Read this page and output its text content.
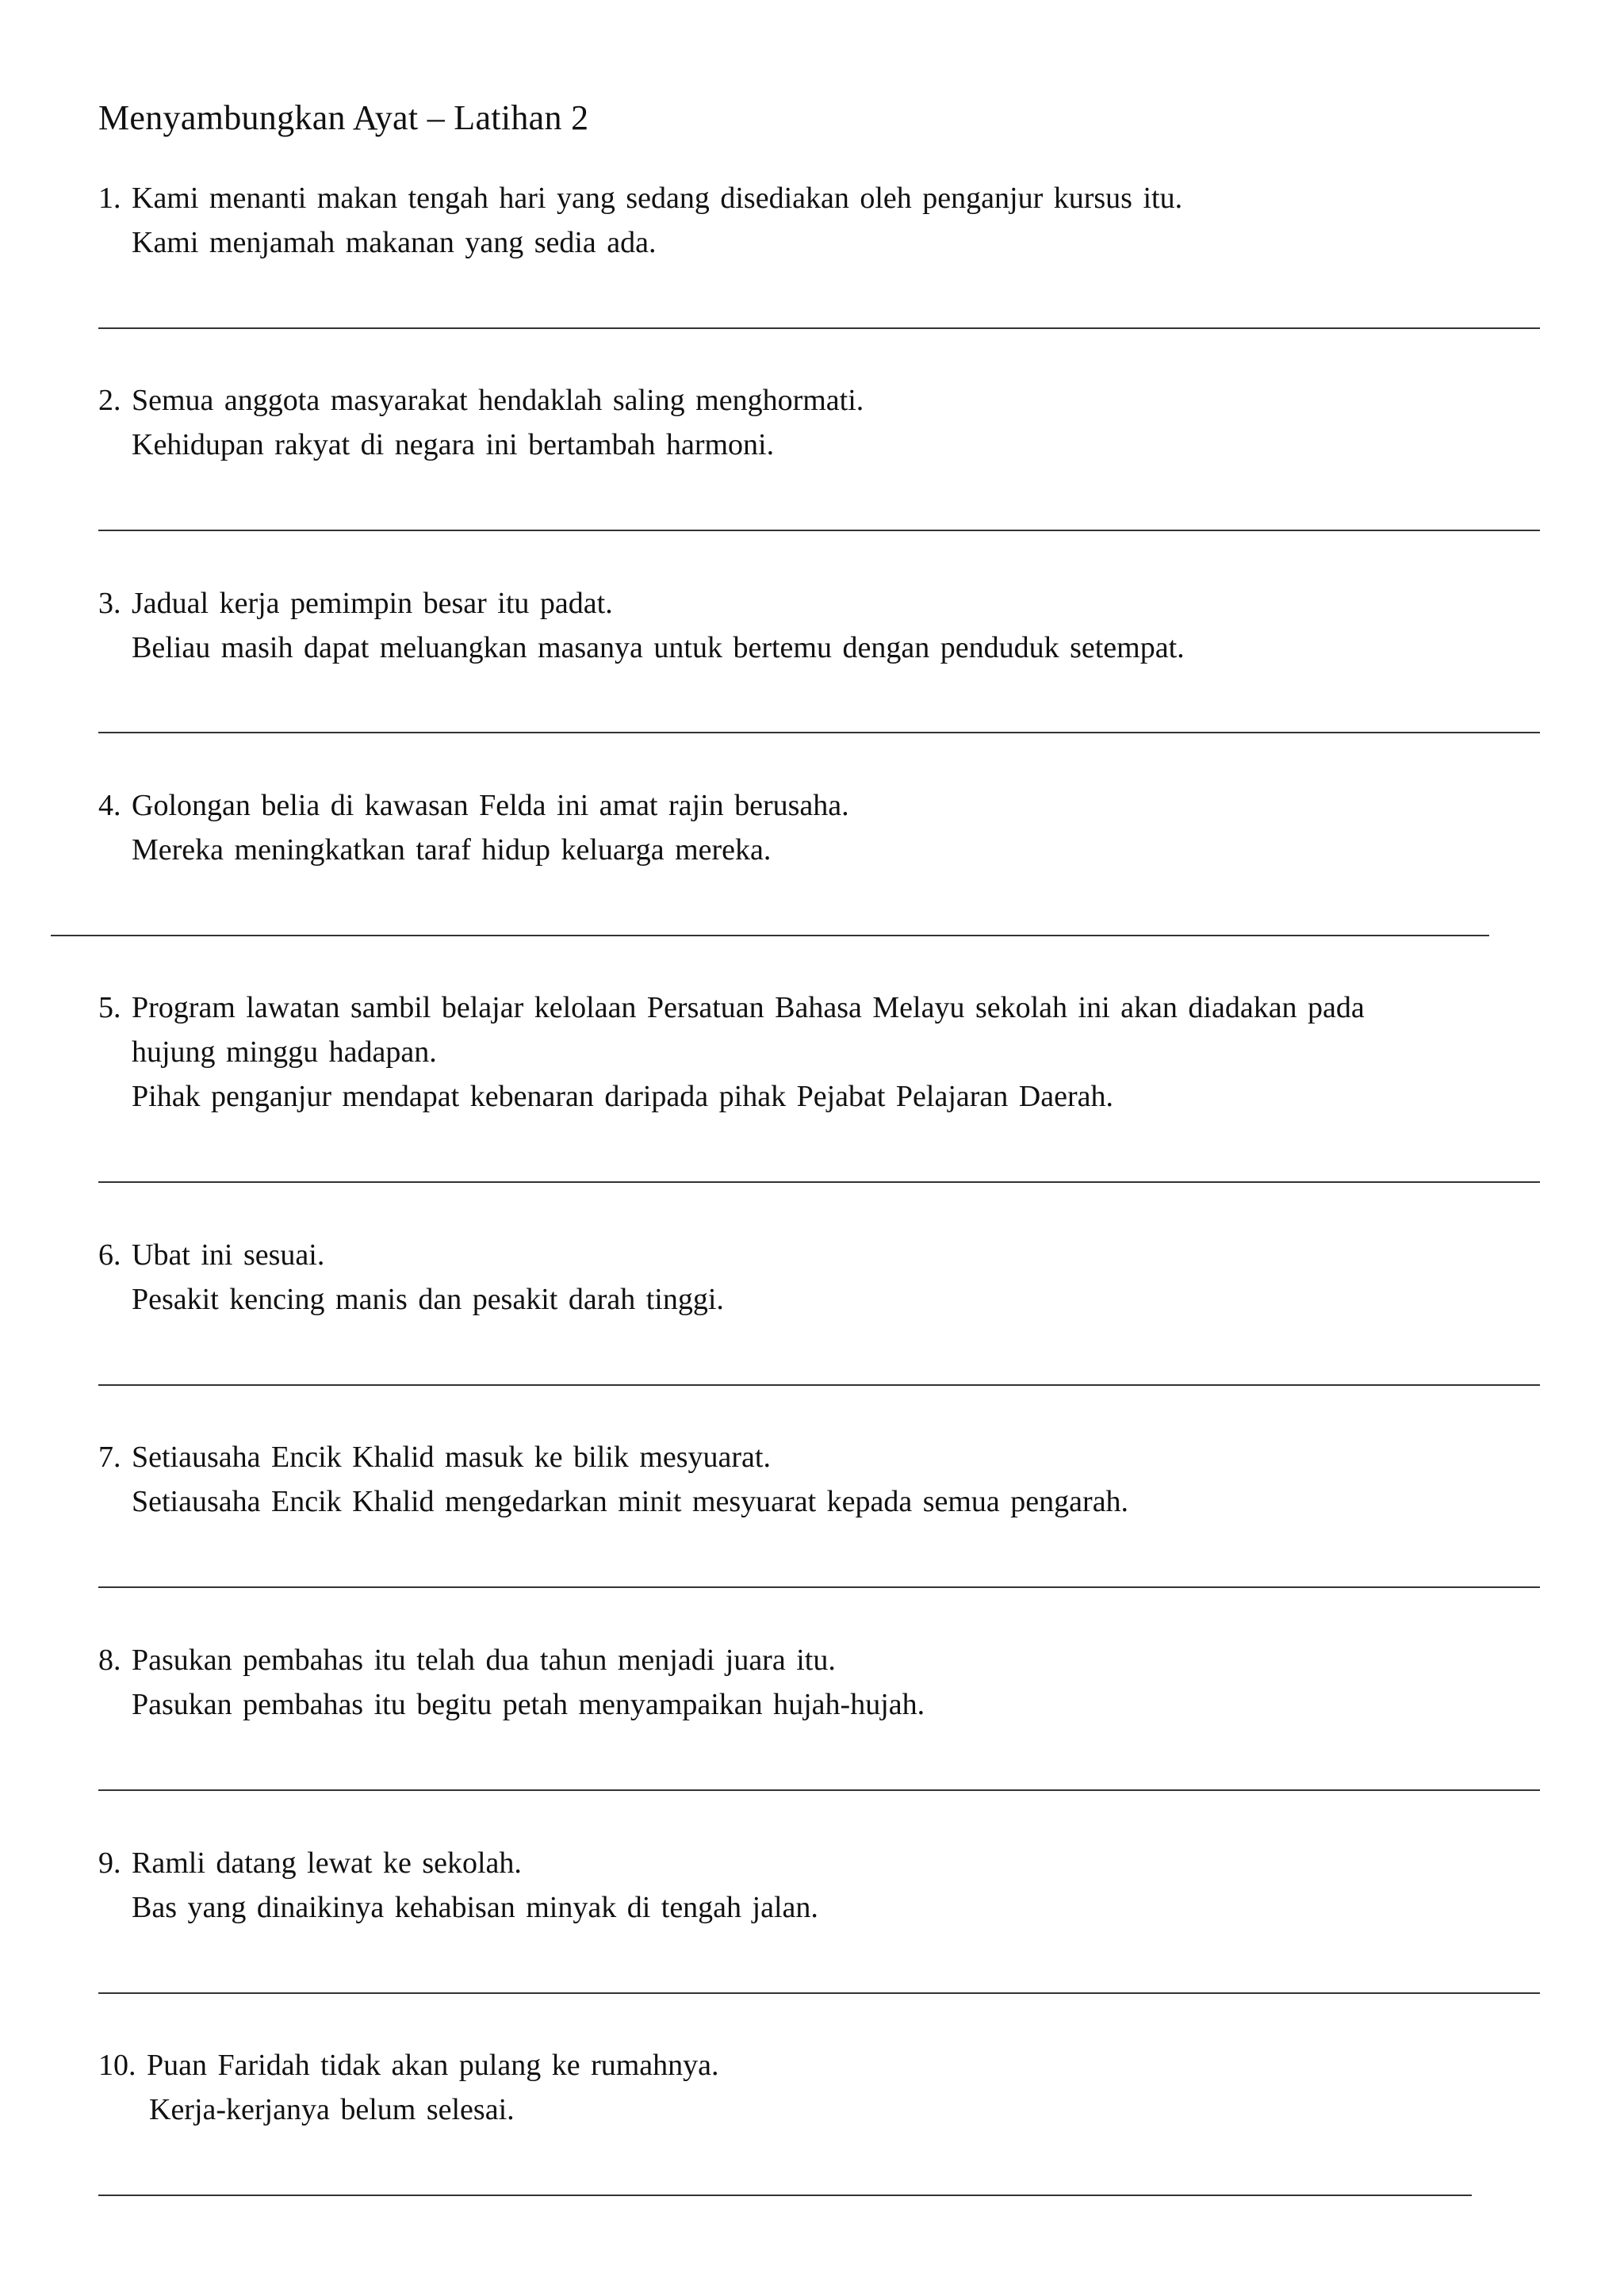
Menyambungkan Ayat – Latihan 2
1. Kami menanti makan tengah hari yang sedang disediakan oleh penganjur kursus itu.
Kami menjamah makanan yang sedia ada.
2. Semua anggota masyarakat hendaklah saling menghormati.
Kehidupan rakyat di negara ini bertambah harmoni.
3. Jadual kerja pemimpin besar itu padat.
Beliau masih dapat meluangkan masanya untuk bertemu dengan penduduk setempat.
4. Golongan belia di kawasan Felda ini amat rajin berusaha.
Mereka meningkatkan taraf hidup keluarga mereka.
5. Program lawatan sambil belajar kelolaan Persatuan Bahasa Melayu sekolah ini akan diadakan pada
hujung minggu hadapan.
Pihak penganjur mendapat kebenaran daripada pihak Pejabat Pelajaran Daerah.
6. Ubat ini sesuai.
Pesakit kencing manis dan pesakit darah tinggi.
7. Setiausaha Encik Khalid masuk ke bilik mesyuarat.
Setiausaha Encik Khalid mengedarkan minit mesyuarat kepada semua pengarah.
8. Pasukan pembahas itu telah dua tahun menjadi juara itu.
Pasukan pembahas itu begitu petah menyampaikan hujah-hujah.
9. Ramli datang lewat ke sekolah.
Bas yang dinaikinya kehabisan minyak di tengah jalan.
10. Puan Faridah tidak akan pulang ke rumahnya.
Kerja-kerjanya belum selesai.
